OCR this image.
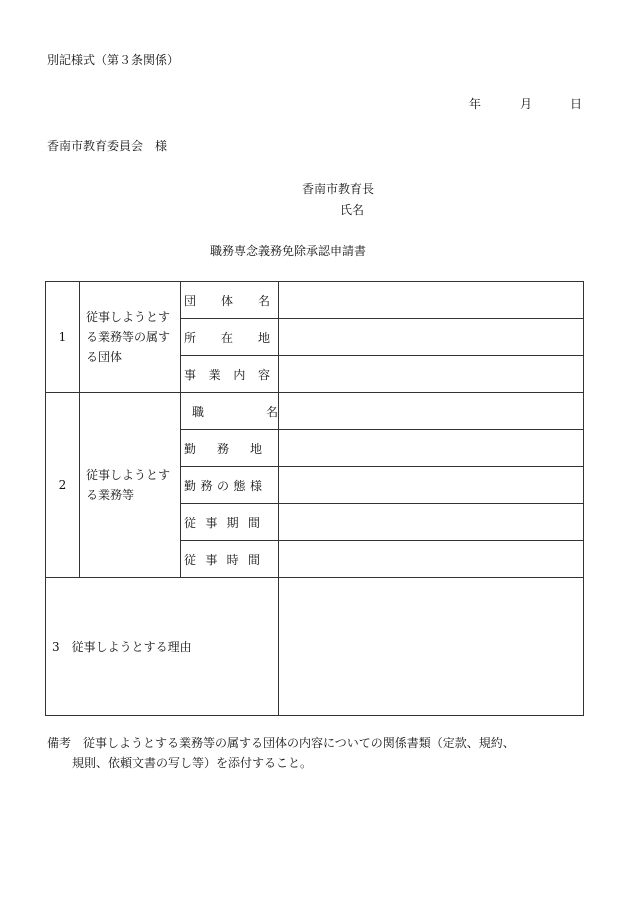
別記様式（第３条関係）
年	月	日
香南市教育委員会　様
香南市教育長
氏名
職務専念義務免除承認申請書
1	従事しようとする業務等の属する団体	団体名	
		所在地	
		事業内容	
2	従事しようとする業務等	職名	
		勤務地	
		勤務の態様	
		従事期間	
		従事時間	
3　従事しようとする理由			
備考　従事しようとする業務等の属する団体の内容についての関係書類（定款、規約、
規則、依頼文書の写し等）を添付すること。
